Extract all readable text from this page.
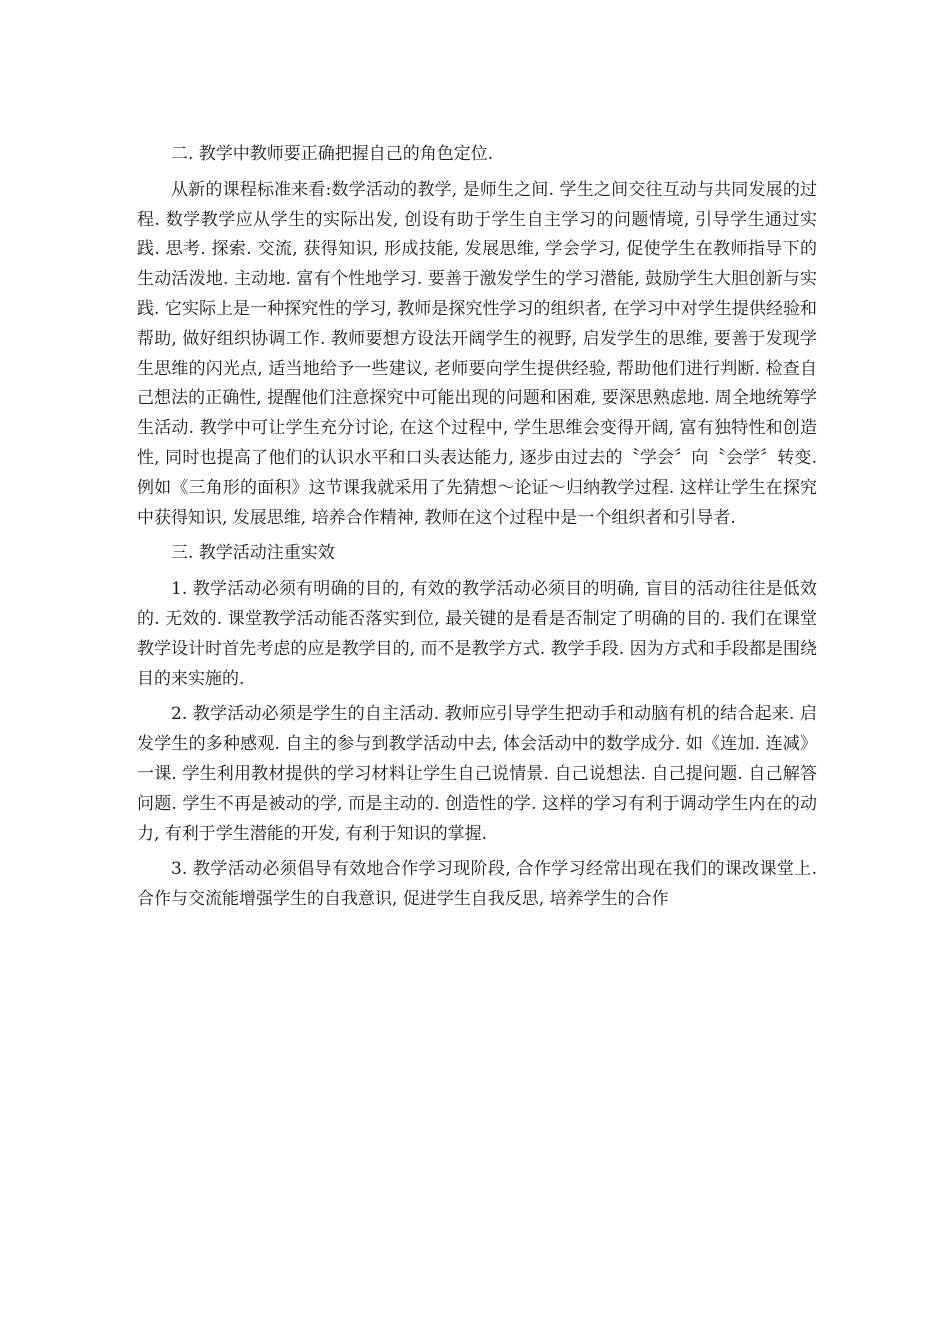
二. 教学中教师要正确把握自己的角色定位.

从新的课程标准来看:数学活动的教学, 是师生之间. 学生之间交往互动与共同发展的过程. 数学教学应从学生的实际出发, 创设有助于学生自主学习的问题情境, 引导学生通过实践. 思考. 探索. 交流, 获得知识, 形成技能, 发展思维, 学会学习, 促使学生在教师指导下的生动活泼地. 主动地. 富有个性地学习. 要善于激发学生的学习潜能, 鼓励学生大胆创新与实践. 它实际上是一种探究性的学习, 教师是探究性学习的组织者, 在学习中对学生提供经验和帮助, 做好组织协调工作. 教师要想方设法开阔学生的视野, 启发学生的思维, 要善于发现学生思维的闪光点, 适当地给予一些建议, 老师要向学生提供经验, 帮助他们进行判断. 检查自己想法的正确性, 提醒他们注意探究中可能出现的问题和困难, 要深思熟虑地. 周全地统筹学生活动. 教学中可让学生充分讨论, 在这个过程中, 学生思维会变得开阔, 富有独特性和创造性, 同时也提高了他们的认识水平和口头表达能力, 逐步由过去的〝学会〞向〝会学〞转变. 例如《三角形的面积》这节课我就采用了先猜想～论证～归纳教学过程. 这样让学生在探究中获得知识, 发展思维, 培养合作精神, 教师在这个过程中是一个组织者和引导者.

三. 教学活动注重实效

1. 教学活动必须有明确的目的, 有效的教学活动必须目的明确, 盲目的活动往往是低效的. 无效的. 课堂教学活动能否落实到位, 最关键的是看是否制定了明确的目的. 我们在课堂教学设计时首先考虑的应是教学目的, 而不是教学方式. 教学手段. 因为方式和手段都是围绕目的来实施的.

2. 教学活动必须是学生的自主活动. 教师应引导学生把动手和动脑有机的结合起来. 启发学生的多种感观. 自主的参与到教学活动中去, 体会活动中的数学成分. 如《连加. 连减》一课. 学生利用教材提供的学习材料让学生自己说情景. 自己说想法. 自己提问题. 自己解答问题. 学生不再是被动的学, 而是主动的. 创造性的学. 这样的学习有利于调动学生内在的动力, 有利于学生潜能的开发, 有利于知识的掌握.

3. 教学活动必须倡导有效地合作学习现阶段, 合作学习经常出现在我们的课改课堂上. 合作与交流能增强学生的自我意识, 促进学生自我反思, 培养学生的合作
